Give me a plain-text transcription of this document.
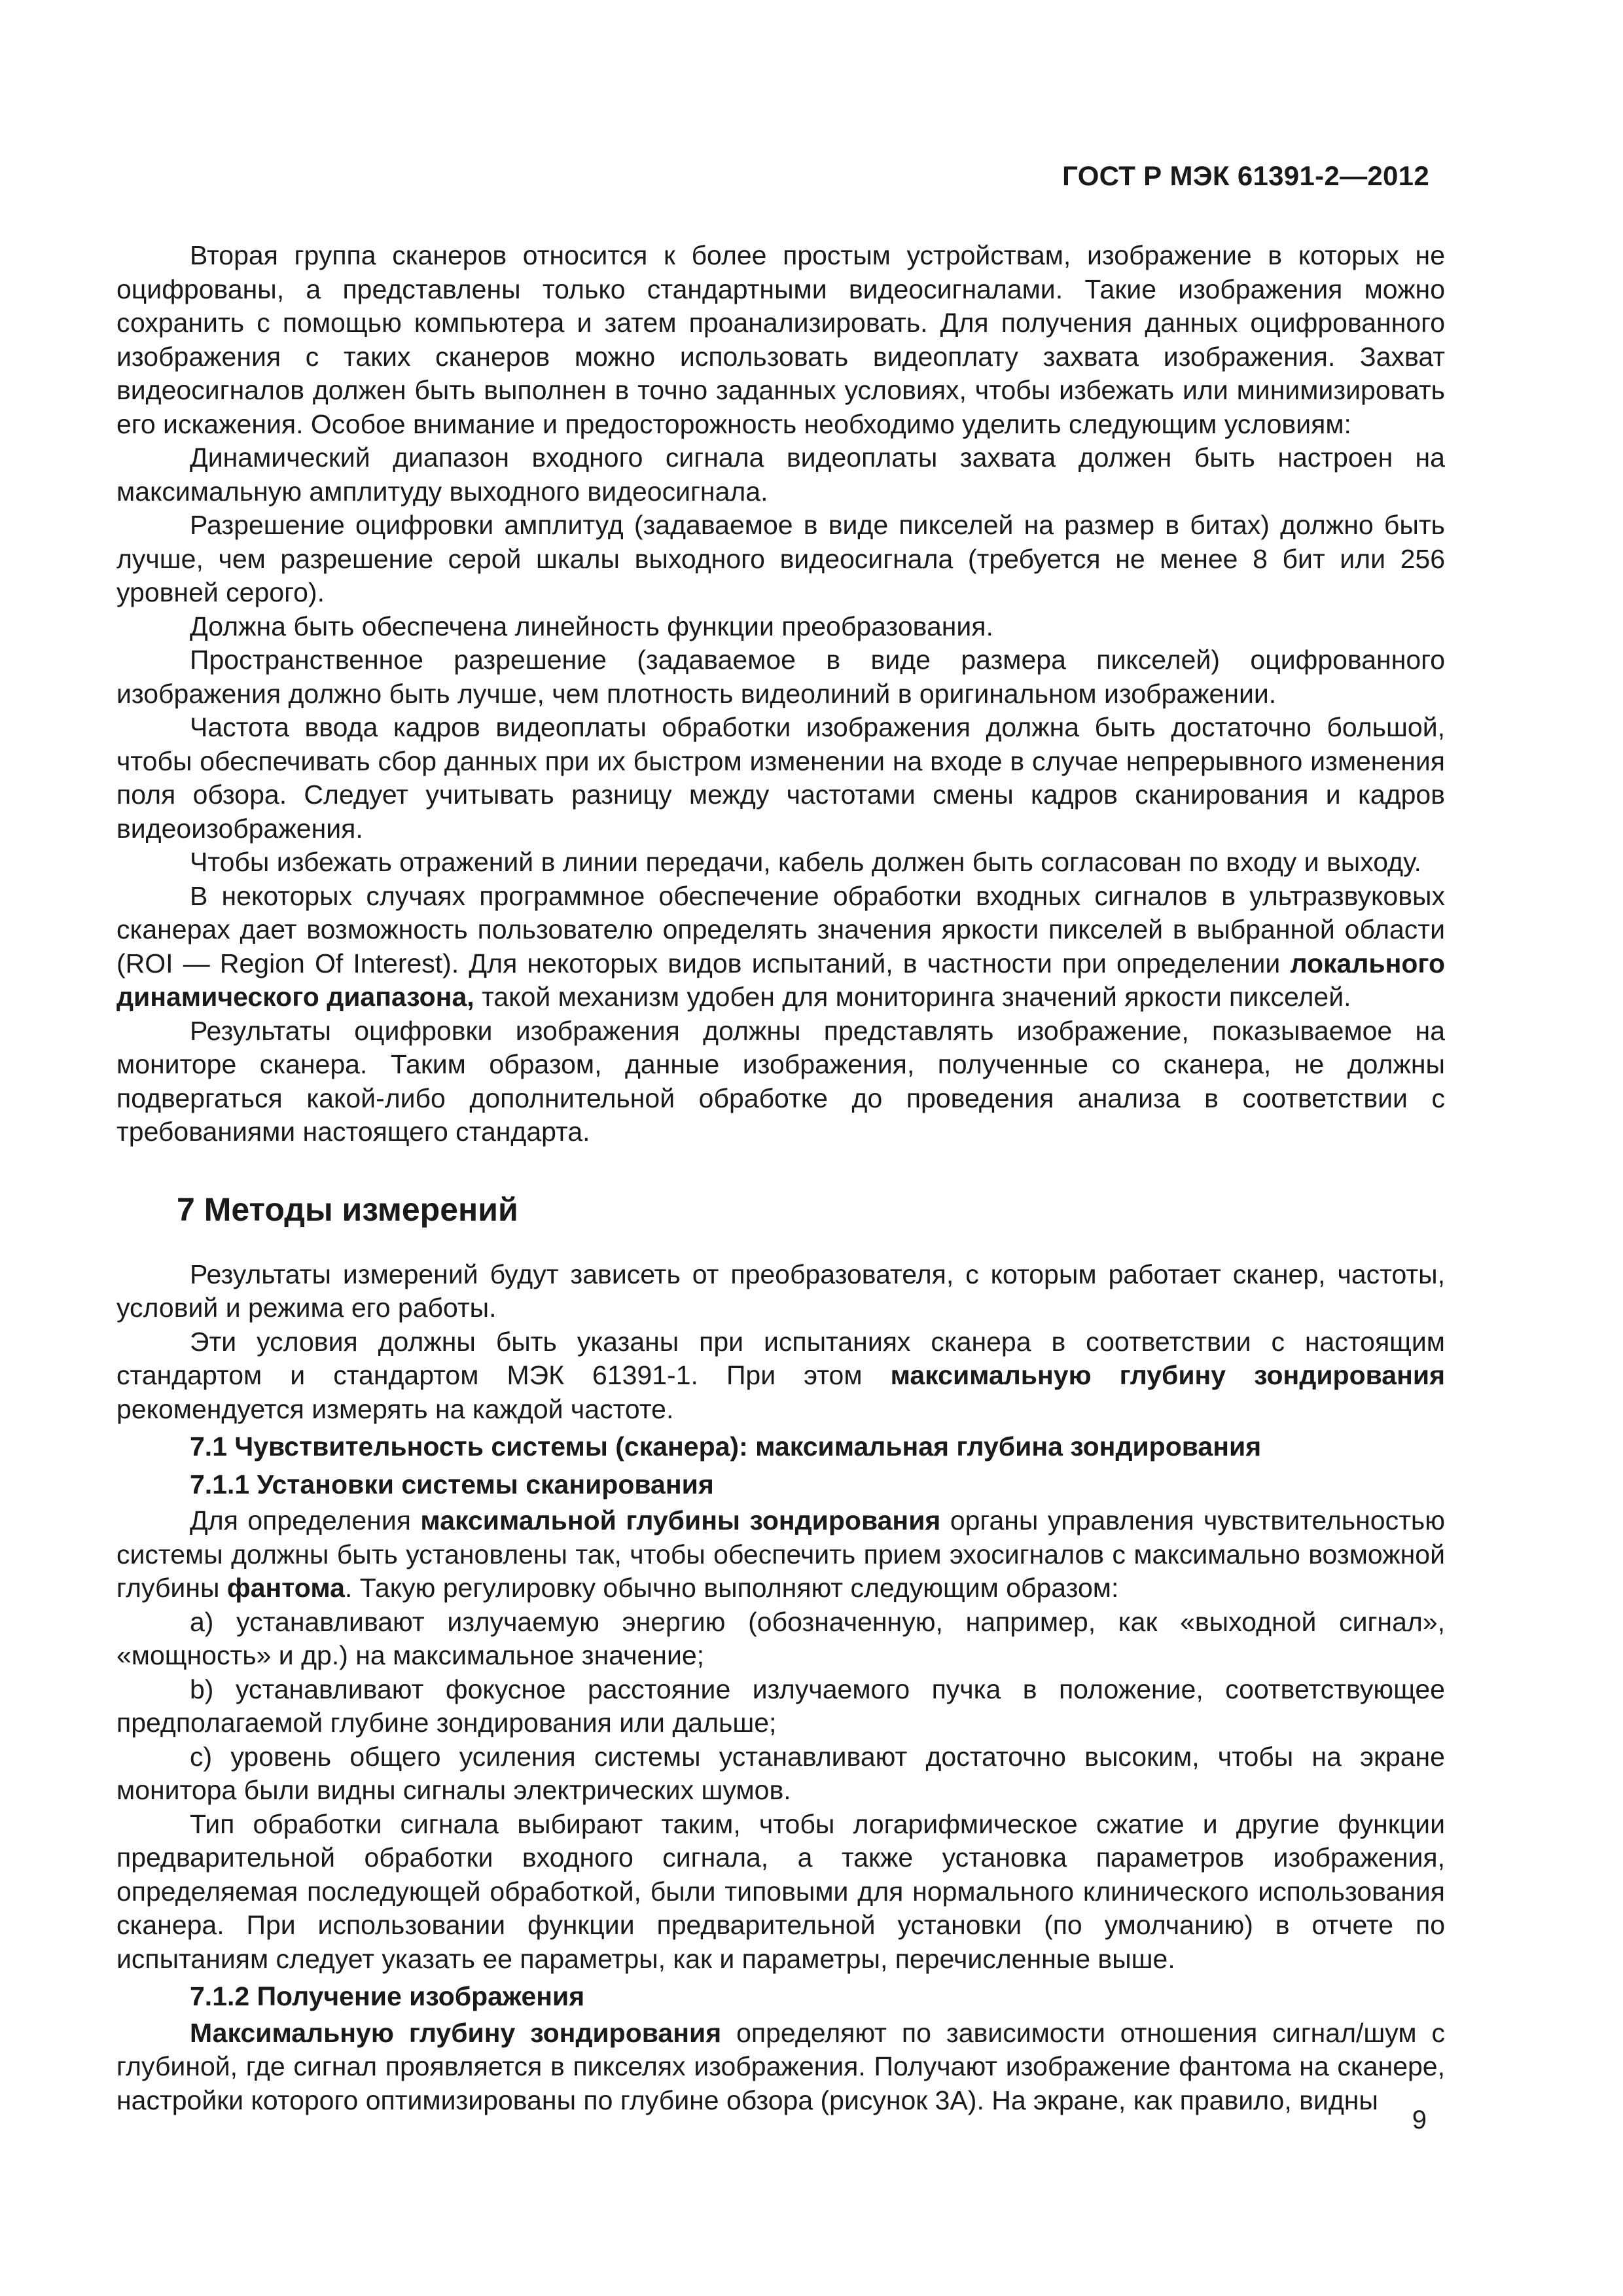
ГОСТ Р МЭК 61391-2—2012

Вторая группа сканеров относится к более простым устройствам, изображение в которых не оцифрованы, а представлены только стандартными видеосигналами. Такие изображения можно сохранить с помощью компьютера и затем проанализировать. Для получения данных оцифрованного изображения с таких сканеров можно использовать видеоплату захвата изображения. Захват видеосигналов должен быть выполнен в точно заданных условиях, чтобы избежать или минимизировать его искажения. Особое внимание и предосторожность необходимо уделить следующим условиям:

Динамический диапазон входного сигнала видеоплаты захвата должен быть настроен на максимальную амплитуду выходного видеосигнала.

Разрешение оцифровки амплитуд (задаваемое в виде пикселей на размер в битах) должно быть лучше, чем разрешение серой шкалы выходного видеосигнала (требуется не менее 8 бит или 256 уровней серого).

Должна быть обеспечена линейность функции преобразования.

Пространственное разрешение (задаваемое в виде размера пикселей) оцифрованного изображения должно быть лучше, чем плотность видеолиний в оригинальном изображении.

Частота ввода кадров видеоплаты обработки изображения должна быть достаточно большой, чтобы обеспечивать сбор данных при их быстром изменении на входе в случае непрерывного изменения поля обзора. Следует учитывать разницу между частотами смены кадров сканирования и кадров видеоизображения.

Чтобы избежать отражений в линии передачи, кабель должен быть согласован по входу и выходу.

В некоторых случаях программное обеспечение обработки входных сигналов в ультразвуковых сканерах дает возможность пользователю определять значения яркости пикселей в выбранной области (ROI — Region Of Interest). Для некоторых видов испытаний, в частности при определении локального динамического диапазона, такой механизм удобен для мониторинга значений яркости пикселей.

Результаты оцифровки изображения должны представлять изображение, показываемое на мониторе сканера. Таким образом, данные изображения, полученные со сканера, не должны подвергаться какой-либо дополнительной обработке до проведения анализа в соответствии с требованиями настоящего стандарта.

7 Методы измерений

Результаты измерений будут зависеть от преобразователя, с которым работает сканер, частоты, условий и режима его работы.

Эти условия должны быть указаны при испытаниях сканера в соответствии с настоящим стандартом и стандартом МЭК 61391-1. При этом максимальную глубину зондирования рекомендуется измерять на каждой частоте.

7.1 Чувствительность системы (сканера): максимальная глубина зондирования
7.1.1 Установки системы сканирования

Для определения максимальной глубины зондирования органы управления чувствительностью системы должны быть установлены так, чтобы обеспечить прием эхосигналов с максимально возможной глубины фантома. Такую регулировку обычно выполняют следующим образом:

a) устанавливают излучаемую энергию (обозначенную, например, как «выходной сигнал», «мощность» и др.) на максимальное значение;

b) устанавливают фокусное расстояние излучаемого пучка в положение, соответствующее предполагаемой глубине зондирования или дальше;

c) уровень общего усиления системы устанавливают достаточно высоким, чтобы на экране монитора были видны сигналы электрических шумов.

Тип обработки сигнала выбирают таким, чтобы логарифмическое сжатие и другие функции предварительной обработки входного сигнала, а также установка параметров изображения, определяемая последующей обработкой, были типовыми для нормального клинического использования сканера. При использовании функции предварительной установки (по умолчанию) в отчете по испытаниям следует указать ее параметры, как и параметры, перечисленные выше.

7.1.2 Получение изображения

Максимальную глубину зондирования определяют по зависимости отношения сигнал/шум с глубиной, где сигнал проявляется в пикселях изображения. Получают изображение фантома на сканере, настройки которого оптимизированы по глубине обзора (рисунок 3А). На экране, как правило, видны

9
